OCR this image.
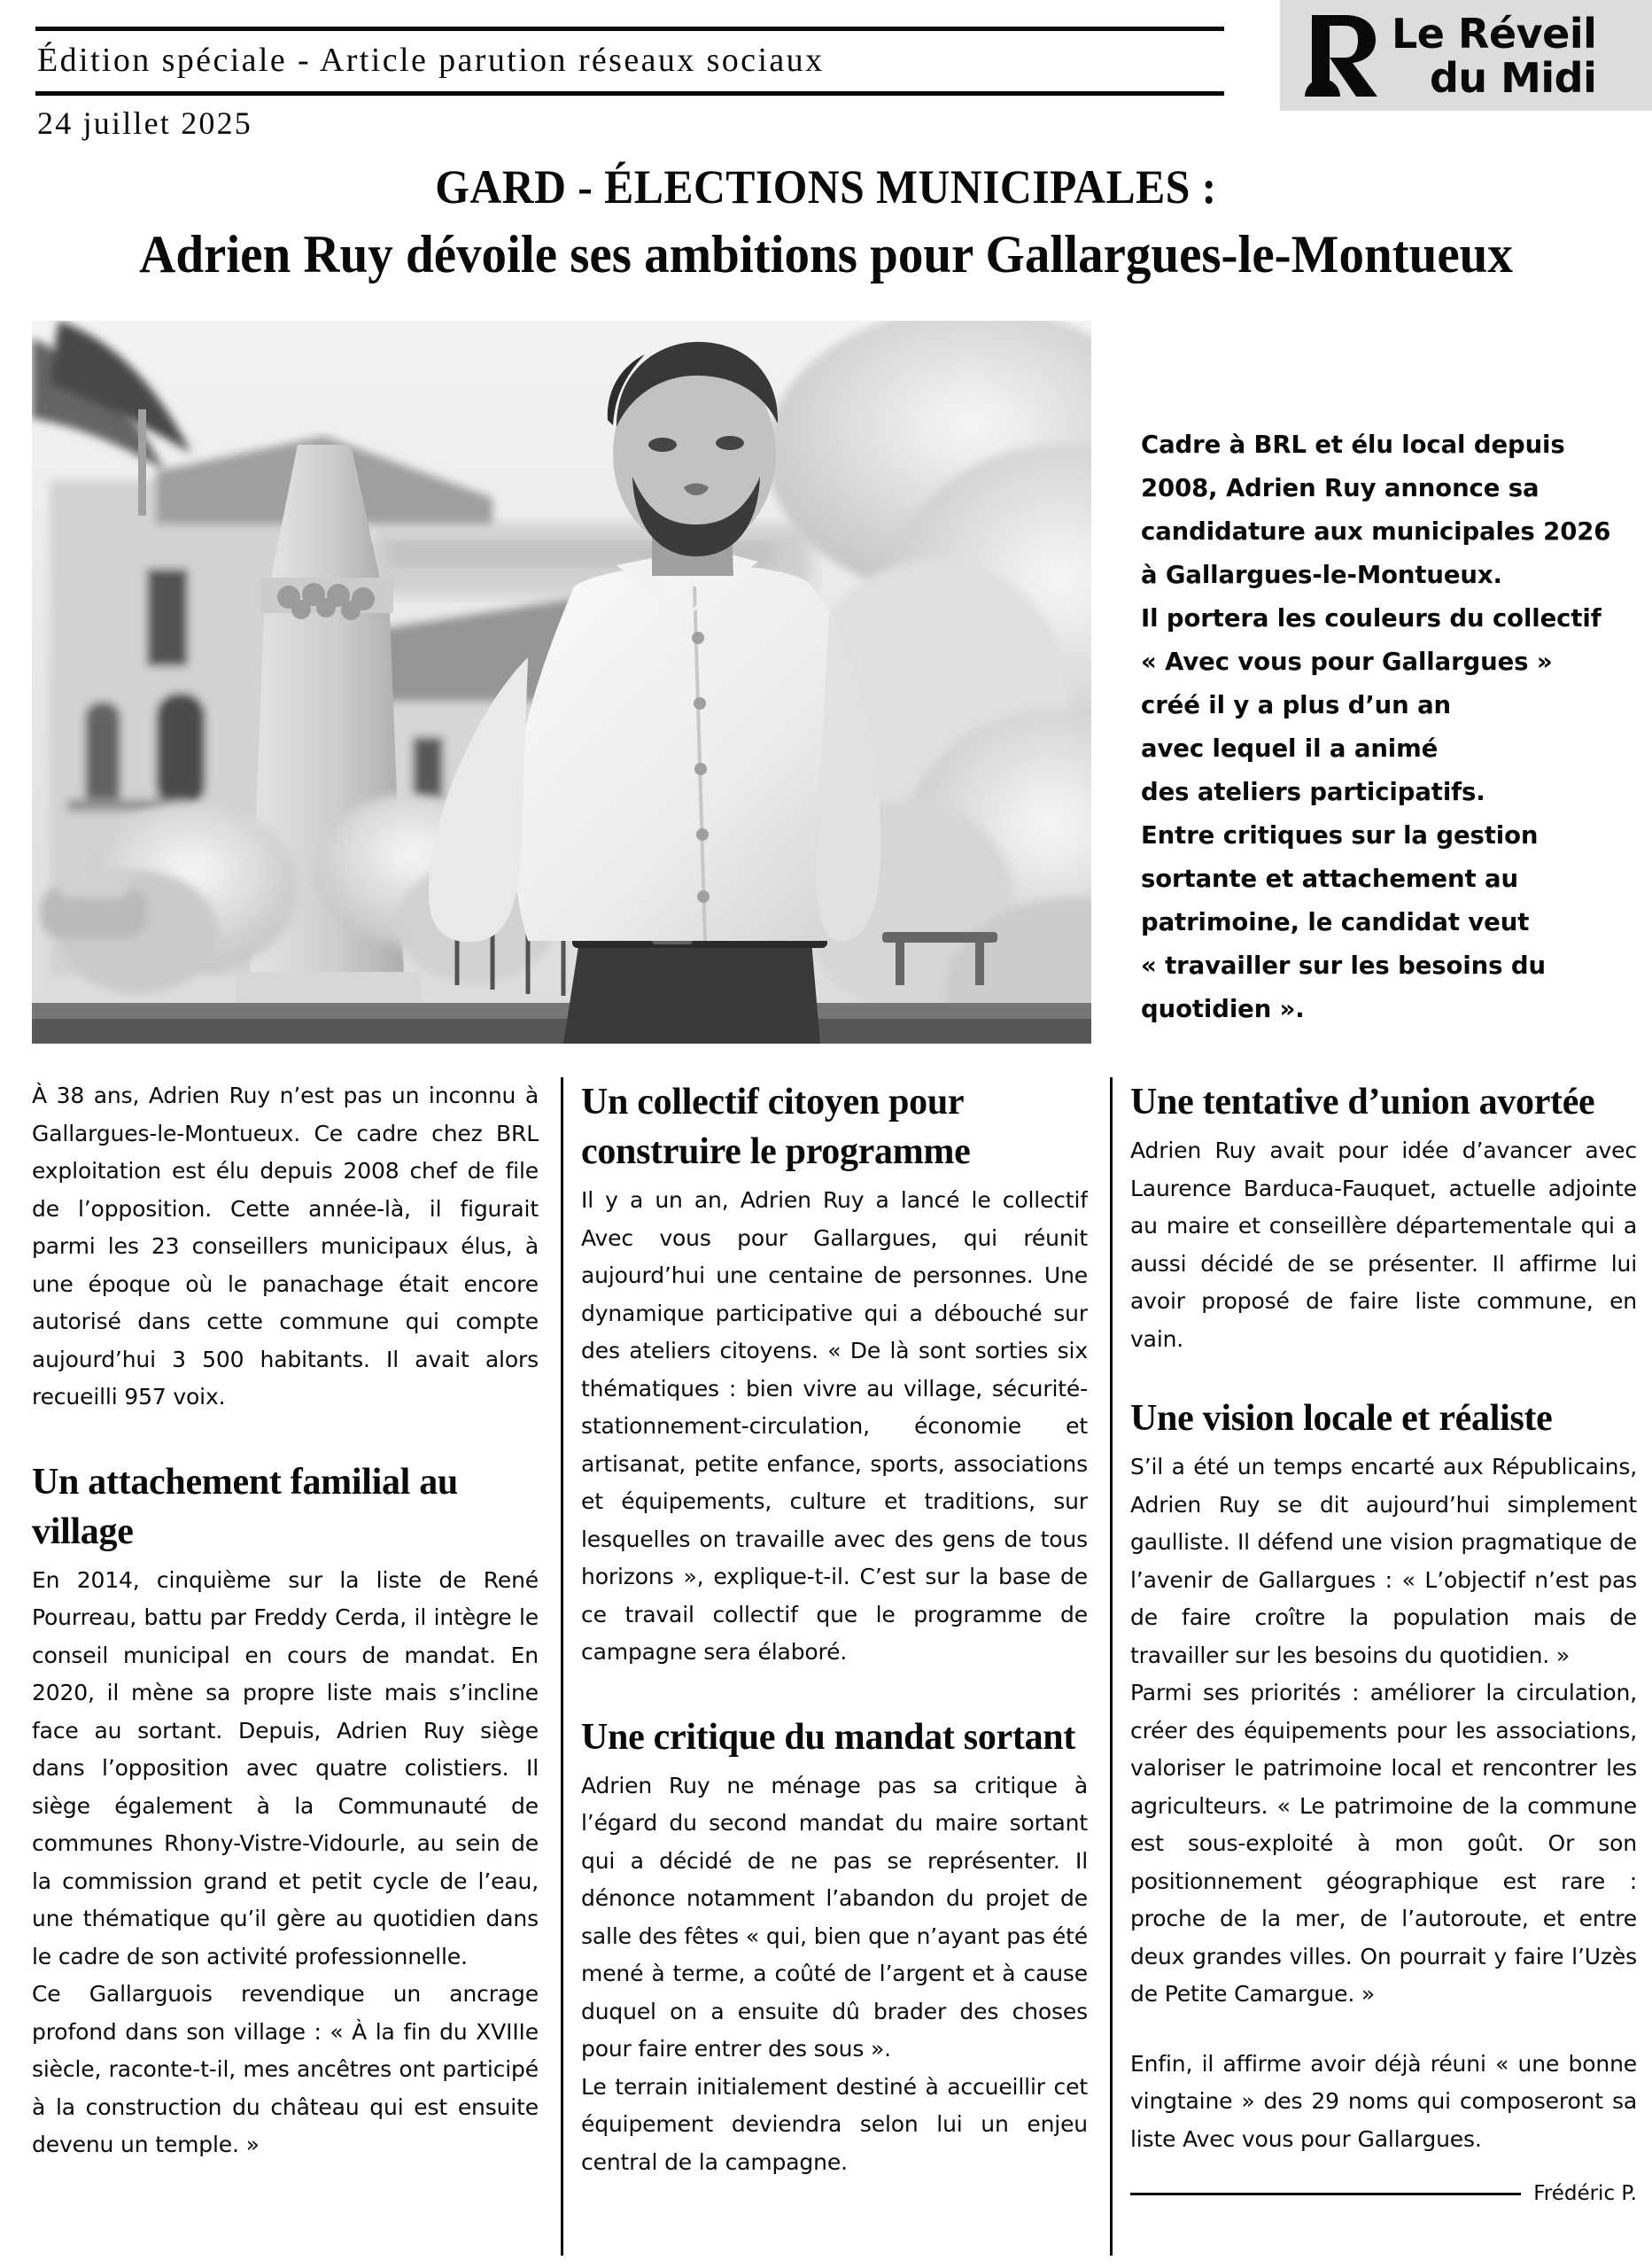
Édition spéciale - Article parution réseaux sociaux
24 juillet 2025
Le Réveil
du Midi
GARD - ÉLECTIONS MUNICIPALES :
Adrien Ruy dévoile ses ambitions pour Gallargues-le-Montueux

Cadre à BRL et élu local depuis

2008, Adrien Ruy annonce sa

candidature aux municipales 2026

à Gallargues-le-Montueux.

Il portera les couleurs du collectif

« Avec vous pour Gallargues »

créé il y a plus d’un an

avec lequel il a animé

des ateliers participatifs.

Entre critiques sur la gestion

sortante et attachement au

patrimoine, le candidat veut

« travailler sur les besoins du

quotidien ».

À 38 ans, Adrien Ruy n’est pas un inconnu à Gallargues-le-Montueux. Ce cadre chez BRL exploitation est élu depuis 2008 chef de file de l’opposition. Cette année-là, il figurait parmi les 23 conseillers municipaux élus, à une époque où le panachage était encore autorisé dans cette commune qui compte aujourd’hui 3 500 habitants. Il avait alors recueilli 957 voix.

Un attachement familial au village

En 2014, cinquième sur la liste de René Pourreau, battu par Freddy Cerda, il intègre le conseil municipal en cours de mandat. En 2020, il mène sa propre liste mais s’incline face au sortant. Depuis, Adrien Ruy siège dans l’opposition avec quatre colistiers. Il siège également à la Communauté de communes Rhony-Vistre-Vidourle, au sein de la commission grand et petit cycle de l’eau, une thématique qu’il gère au quotidien dans le cadre de son activité professionnelle.

Ce Gallarguois revendique un ancrage profond dans son village : « À la fin du XVIIIe siècle, raconte-t-il, mes ancêtres ont participé à la construction du château qui est ensuite devenu un temple. »

Un collectif citoyen pour construire le programme

Il y a un an, Adrien Ruy a lancé le collectif Avec vous pour Gallargues, qui réunit aujourd’hui une centaine de personnes. Une dynamique participative qui a débouché sur des ateliers citoyens. « De là sont sorties six thématiques : bien vivre au village, sécurité-stationnement-circulation, économie et artisanat, petite enfance, sports, associations et équipements, culture et traditions, sur lesquelles on travaille avec des gens de tous horizons », explique-t-il. C’est sur la base de ce travail collectif que le programme de campagne sera élaboré.

Une critique du mandat sortant

Adrien Ruy ne ménage pas sa critique à l’égard du second mandat du maire sortant qui a décidé de ne pas se représenter. Il dénonce notamment l’abandon du projet de salle des fêtes « qui, bien que n’ayant pas été mené à terme, a coûté de l’argent et à cause duquel on a ensuite dû brader des choses pour faire entrer des sous ».

Le terrain initialement destiné à accueillir cet équipement deviendra selon lui un enjeu central de la campagne.

Une tentative d’union avortée

Adrien Ruy avait pour idée d’avancer avec Laurence Barduca-Fauquet, actuelle adjointe au maire et conseillère départementale qui a aussi décidé de se présenter. Il affirme lui avoir proposé de faire liste commune, en vain.

Une vision locale et réaliste

S’il a été un temps encarté aux Républicains, Adrien Ruy se dit aujourd’hui simplement gaulliste. Il défend une vision pragmatique de l’avenir de Gallargues : « L’objectif n’est pas de faire croître la population mais de travailler sur les besoins du quotidien. »

Parmi ses priorités : améliorer la circulation, créer des équipements pour les associations, valoriser le patrimoine local et rencontrer les agriculteurs. « Le patrimoine de la commune est sous-exploité à mon goût. Or son positionnement géographique est rare : proche de la mer, de l’autoroute, et entre deux grandes villes. On pourrait y faire l’Uzès de Petite Camargue. »

Enfin, il affirme avoir déjà réuni « une bonne vingtaine » des 29 noms qui composeront sa liste Avec vous pour Gallargues.

Frédéric P.
